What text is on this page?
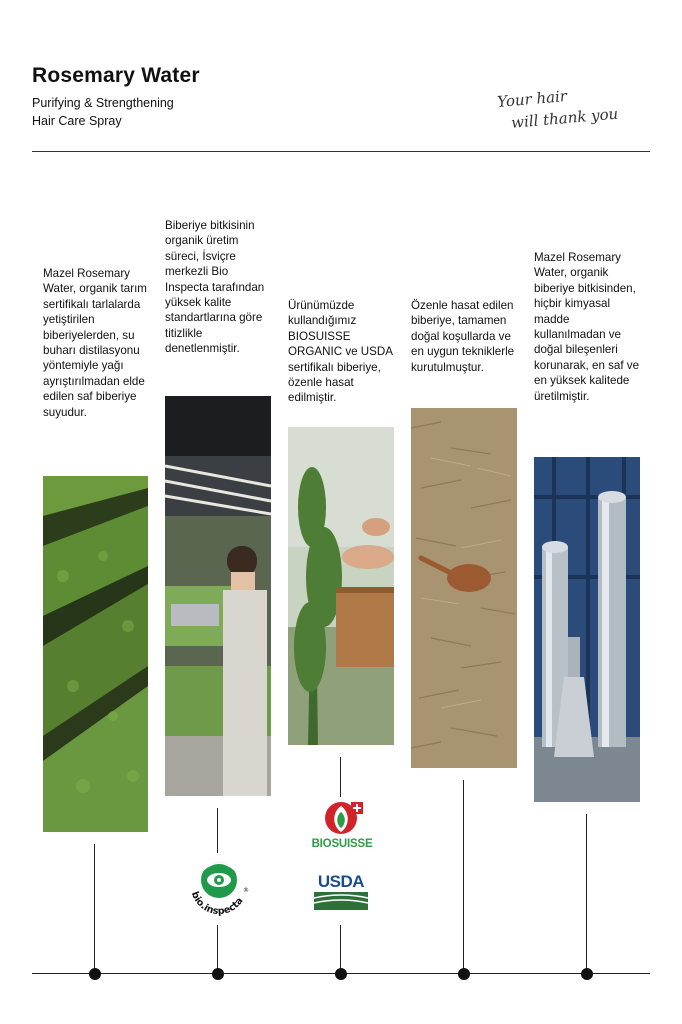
Rosemary Water
Purifying & Strengthening
Hair Care Spray
Your hair
will thank you
Mazel Rosemary Water, organik tarım sertifikalı tarlalarda yetiştirilen biberiyelerden, su buharı distilasyonu yöntemiyle yağı ayrıştırılmadan elde edilen saf biberiye suyudur.
Biberiye bitkisinin organik üretim süreci, İsviçre merkezli Bio Inspecta tarafından yüksek kalite standartlarına göre titizlikle denetlenmiştir.
Ürünümüzde kullandığımız BIOSUISSE ORGANIC ve USDA sertifikalı biberiye, özenle hasat edilmiştir.
Özenle hasat edilen biberiye, tamamen doğal koşullarda ve en uygun tekniklerle kurutulmuştur.
Mazel Rosemary Water, organik biberiye bitkisinden, hiçbir kimyasal madde kullanılmadan ve doğal bileşenleri korunarak, en saf ve en yüksek kalitede üretilmiştir.
bio.inspecta
®
BIOSUISSE
USDA
